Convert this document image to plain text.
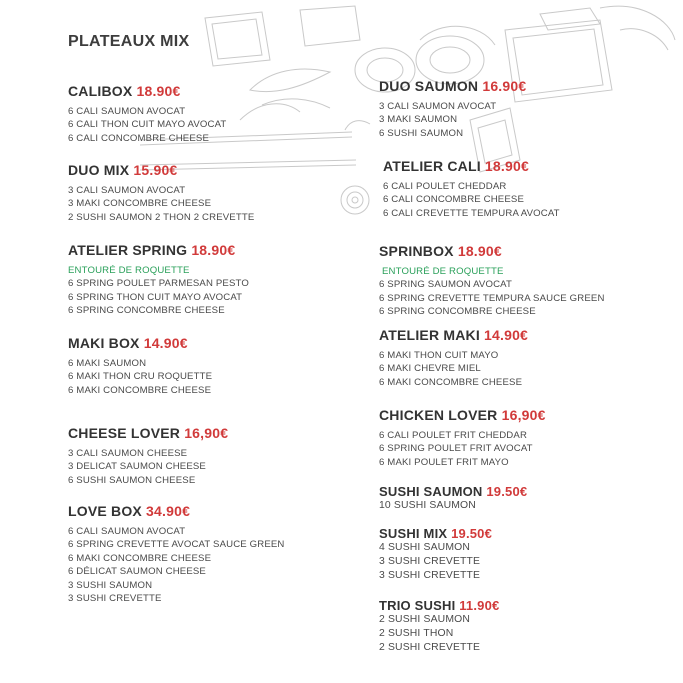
PLATEAUX MIX
CALIBOX 18.90€
6 CALI SAUMON AVOCAT
6 CALI THON CUIT MAYO AVOCAT
6 CALI CONCOMBRE CHEESE
DUO MIX 15.90€
3 CALI SAUMON AVOCAT
3 MAKI CONCOMBRE CHEESE
2 SUSHI SAUMON 2 THON 2 CREVETTE
ATELIER SPRING 18.90€
ENTOURÉ DE ROQUETTE
6 SPRING POULET PARMESAN PESTO
6 SPRING THON CUIT MAYO AVOCAT
6 SPRING CONCOMBRE CHEESE
MAKI BOX 14.90€
6 MAKI SAUMON
6 MAKI THON CRU ROQUETTE
6 MAKI CONCOMBRE CHEESE
CHEESE LOVER 16,90€
3 CALI SAUMON CHEESE
3 DELICAT SAUMON CHEESE
6 SUSHI SAUMON CHEESE
LOVE BOX 34.90€
6 CALI SAUMON AVOCAT
6 SPRING CREVETTE AVOCAT SAUCE GREEN
6 MAKI CONCOMBRE CHEESE
6 DÉLICAT SAUMON CHEESE
3 SUSHI SAUMON
3 SUSHI CREVETTE
DUO SAUMON 16.90€
3 CALI SAUMON AVOCAT
3 MAKI SAUMON
6 SUSHI SAUMON
ATELIER CALI 18.90€
6 CALI POULET CHEDDAR
6 CALI CONCOMBRE CHEESE
6 CALI CREVETTE TEMPURA AVOCAT
SPRINBOX 18.90€
ENTOURÉ DE ROQUETTE
6 SPRING SAUMON AVOCAT
6 SPRING CREVETTE TEMPURA SAUCE GREEN
6 SPRING CONCOMBRE CHEESE
ATELIER MAKI 14.90€
6 MAKI THON CUIT MAYO
6 MAKI CHEVRE MIEL
6 MAKI CONCOMBRE CHEESE
CHICKEN LOVER 16,90€
6 CALI POULET FRIT CHEDDAR
6 SPRING POULET FRIT AVOCAT
6 MAKI POULET FRIT MAYO
SUSHI SAUMON 19.50€
10 SUSHI SAUMON
SUSHI MIX 19.50€
4 SUSHI SAUMON
3 SUSHI CREVETTE
3 SUSHI CREVETTE
TRIO SUSHI 11.90€
2 SUSHI SAUMON
2 SUSHI THON
2 SUSHI CREVETTE
